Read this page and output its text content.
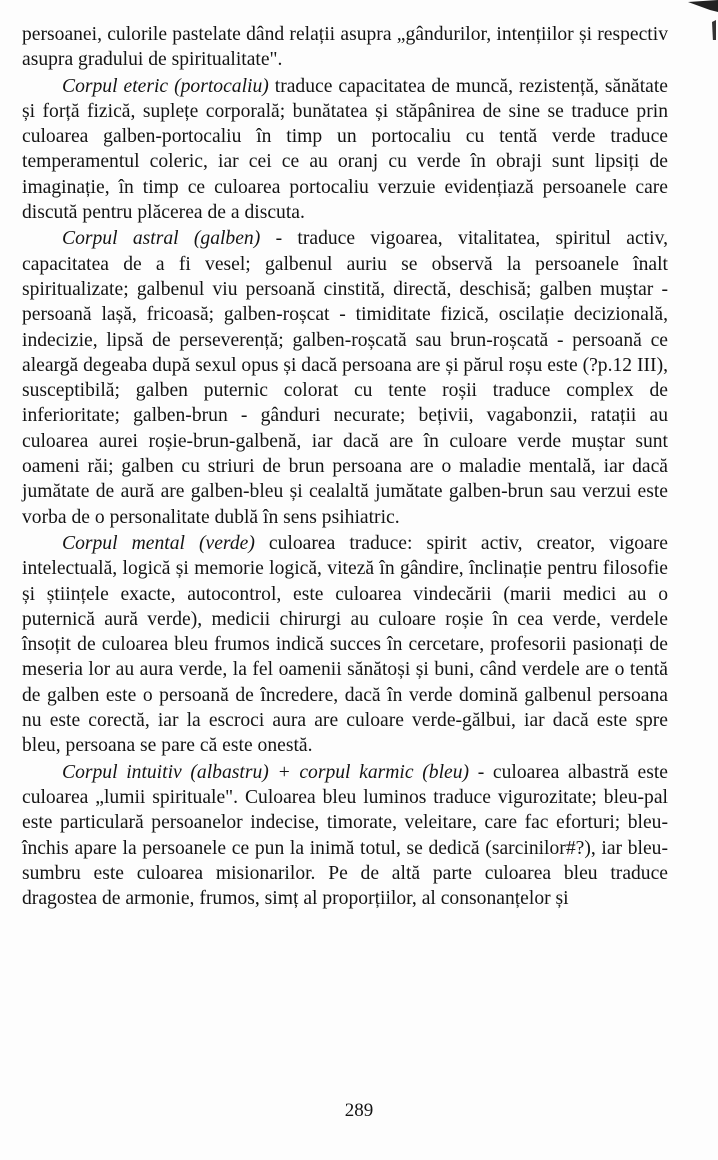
persoanei, culorile pastelate dând relații asupra „gândurilor, intențiilor și respectiv asupra gradului de spiritualitate".

Corpul eteric (portocaliu) traduce capacitatea de muncă, rezistență, sănătate și forță fizică, suplețe corporală; bunătatea și stăpânirea de sine se traduce prin culoarea galben-portocaliu în timp un portocaliu cu tentă verde traduce temperamentul coleric, iar cei ce au oranj cu verde în obraji sunt lipsiți de imaginație, în timp ce culoarea portocaliu verzuie evidențiază persoanele care discută pentru plăcerea de a discuta.

Corpul astral (galben) - traduce vigoarea, vitalitatea, spiritul activ, capacitatea de a fi vesel; galbenul auriu se observă la persoanele înalt spiritualizate; galbenul viu persoană cinstită, directă, deschisă; galben muștar - persoană lașă, fricoasă; galben-roșcat - timiditate fizică, oscilație decizională, indecizie, lipsă de perseverență; galben-roșcată sau brun-roșcată - persoană ce aleargă degeaba după sexul opus și dacă persoana are și părul roșu este (?p.12 III), susceptibilă; galben puternic colorat cu tente roșii traduce complex de inferioritate; galben-brun - gânduri necurate; bețivii, vagabonzii, ratații au culoarea aurei roșie-brun-galbenă, iar dacă are în culoare verde muștar sunt oameni răi; galben cu striuri de brun persoana are o maladie mentală, iar dacă jumătate de aură are galben-bleu și cealaltă jumătate galben-brun sau verzui este vorba de o personalitate dublă în sens psihiatric.

Corpul mental (verde) culoarea traduce: spirit activ, creator, vigoare intelectuală, logică și memorie logică, viteză în gândire, înclinație pentru filosofie și științele exacte, autocontrol, este culoarea vindecării (marii medici au o puternică aură verde), medicii chirurgi au culoare roșie în cea verde, verdele însoțit de culoarea bleu frumos indică succes în cercetare, profesorii pasionați de meseria lor au aura verde, la fel oamenii sănătoși și buni, când verdele are o tentă de galben este o persoană de încredere, dacă în verde domină galbenul persoana nu este corectă, iar la escroci aura are culoare verde-gălbui, iar dacă este spre bleu, persoana se pare că este onestă.

Corpul intuitiv (albastru) + corpul karmic (bleu) - culoarea albastră este culoarea „lumii spirituale". Culoarea bleu luminos traduce vigurozitate; bleu-pal este particulară persoanelor indecise, timorate, veleitare, care fac eforturi; bleu-închis apare la persoanele ce pun la inimă totul, se dedică (sarcinilor#?), iar bleu-sumbru este culoarea misionarilor. Pe de altă parte culoarea bleu traduce dragostea de armonie, frumos, simț al proporțiilor, al consonanțelor și

289
